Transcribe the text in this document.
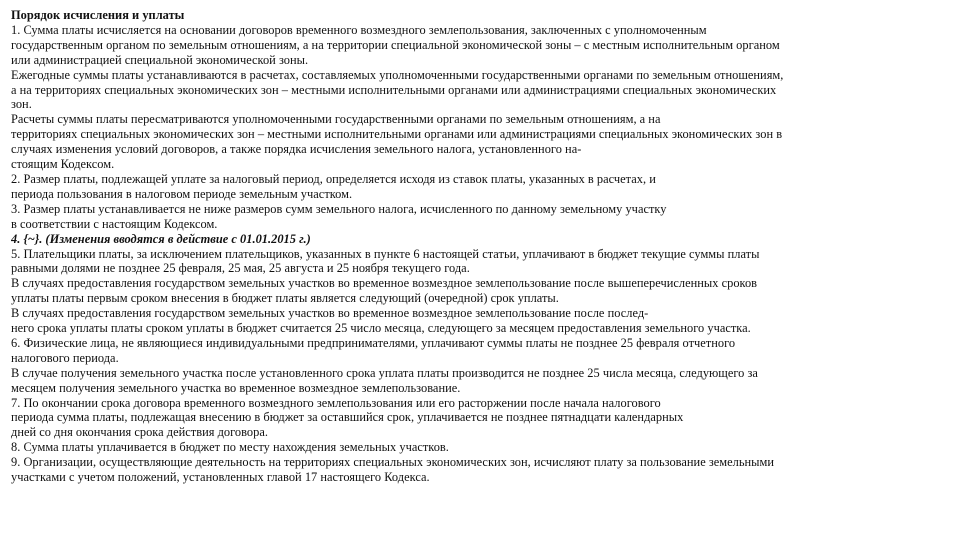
Порядок исчисления и уплаты
1. Сумма платы исчисляется на основании договоров временного возмездного землепользования, заключенных с уполномоченным
государственным органом по земельным отношениям, а на территории специальной экономической зоны – с местным исполнительным органом
или администрацией специальной экономической зоны.
Ежегодные суммы платы устанавливаются в расчетах, составляемых уполномоченными государственными органами по земельным отношениям,
а на территориях специальных экономических зон – местными исполнительными органами или администрациями специальных экономических
зон.
Расчеты суммы платы пересматриваются уполномоченными государственными органами по земельным отношениям, а на
территориях специальных экономических зон – местными исполнительными органами или администрациями специальных экономических зон в
случаях изменения условий договоров, а также порядка исчисления земельного налога, установленного на-
стоящим Кодексом.
2. Размер платы, подлежащей уплате за налоговый период, определяется исходя из ставок платы, указанных в расчетах, и
периода пользования в налоговом периоде земельным участком.
3. Размер платы устанавливается не ниже размеров сумм земельного налога, исчисленного по данному земельному участку
в соответствии с настоящим Кодексом.
4. {~}. (Изменения вводятся в действие с 01.01.2015 г.)
5. Плательщики платы, за исключением плательщиков, указанных в пункте 6 настоящей статьи, уплачивают в бюджет текущие суммы платы
равными долями не позднее 25 февраля, 25 мая, 25 августа и 25 ноября текущего года.
В случаях предоставления государством земельных участков во временное возмездное землепользование после вышеперечисленных сроков
уплаты платы первым сроком внесения в бюджет платы является следующий (очередной) срок уплаты.
В случаях предоставления государством земельных участков во временное возмездное землепользование после послед-
него срока уплаты платы сроком уплаты в бюджет считается 25 число месяца, следующего за месяцем предоставления земельного участка.
6. Физические лица, не являющиеся индивидуальными предпринимателями, уплачивают суммы платы не позднее 25 февраля отчетного
налогового периода.
В случае получения земельного участка после установленного срока уплата платы производится не позднее 25 числа месяца, следующего за
месяцем получения земельного участка во временное возмездное землепользование.
7. По окончании срока договора временного возмездного землепользования или его расторжении после начала налогового
периода сумма платы, подлежащая внесению в бюджет за оставшийся срок, уплачивается не позднее пятнадцати календарных
дней со дня окончания срока действия договора.
8. Сумма платы уплачивается в бюджет по месту нахождения земельных участков.
9. Организации, осуществляющие деятельность на территориях специальных экономических зон, исчисляют плату за пользование земельными
участками с учетом положений, установленных главой 17 настоящего Кодекса.
